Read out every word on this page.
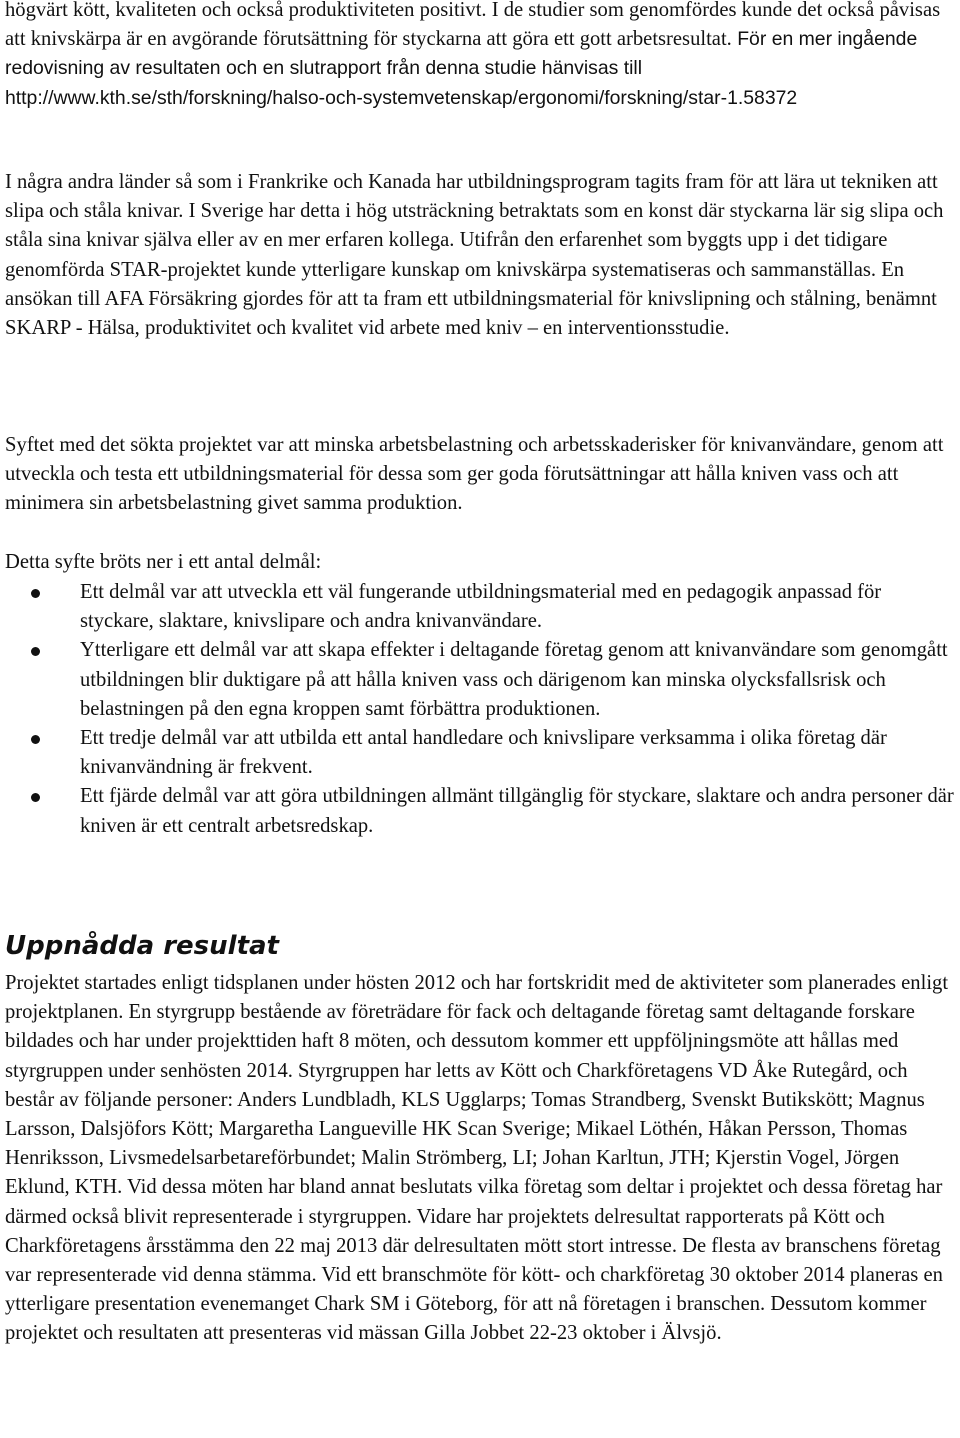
högvärt kött, kvaliteten och också produktiviteten positivt. I de studier som genomfördes kunde det också påvisas att knivskärpa är en avgörande förutsättning för styckarna att göra ett gott arbetsresultat. För en mer ingående redovisning av resultaten och en slutrapport från denna studie hänvisas till http://www.kth.se/sth/forskning/halso-och-systemvetenskap/ergonomi/forskning/star-1.58372

I några andra länder så som i Frankrike och Kanada har utbildningsprogram tagits fram för att lära ut tekniken att slipa och ståla knivar. I Sverige har detta i hög utsträckning betraktats som en konst där styckarna lär sig slipa och ståla sina knivar själva eller av en mer erfaren kollega. Utifrån den erfarenhet som byggts upp i det tidigare genomförda STAR-projektet kunde ytterligare kunskap om knivskärpa systematiseras och sammanställas. En ansökan till AFA Försäkring gjordes för att ta fram ett utbildningsmaterial för knivslipning och stålning, benämnt SKARP - Hälsa, produktivitet och kvalitet vid arbete med kniv – en interventionsstudie.

Syftet med det sökta projektet var att minska arbetsbelastning och arbetsskaderisker för knivanvändare, genom att utveckla och testa ett utbildningsmaterial för dessa som ger goda förutsättningar att hålla kniven vass och att minimera sin arbetsbelastning givet samma produktion.

Detta syfte bröts ner i ett antal delmål:

Ett delmål var att utveckla ett väl fungerande utbildningsmaterial med en pedagogik anpassad för styckare, slaktare, knivslipare och andra knivanvändare.
Ytterligare ett delmål var att skapa effekter i deltagande företag genom att knivanvändare som genomgått utbildningen blir duktigare på att hålla kniven vass och därigenom kan minska olycksfallsrisk och belastningen på den egna kroppen samt förbättra produktionen.
Ett tredje delmål var att utbilda ett antal handledare och knivslipare verksamma i olika företag där knivanvändning är frekvent.
Ett fjärde delmål var att göra utbildningen allmänt tillgänglig för styckare, slaktare och andra personer där kniven är ett centralt arbetsredskap.
Uppnådda resultat

Projektet startades enligt tidsplanen under hösten 2012 och har fortskridit med de aktiviteter som planerades enligt projektplanen. En styrgrupp bestående av företrädare för fack och deltagande företag samt deltagande forskare bildades och har under projekttiden haft 8 möten, och dessutom kommer ett uppföljningsmöte att hållas med styrgruppen under senhösten 2014. Styrgruppen har letts av Kött och Charkföretagens VD Åke Rutegård, och består av följande personer: Anders Lundbladh, KLS Ugglarps; Tomas Strandberg, Svenskt Butikskött; Magnus Larsson, Dalsjöfors Kött; Margaretha Langueville HK Scan Sverige; Mikael Löthén, Håkan Persson, Thomas Henriksson, Livsmedelsarbetareförbundet; Malin Strömberg, LI; Johan Karltun, JTH; Kjerstin Vogel, Jörgen Eklund, KTH. Vid dessa möten har bland annat beslutats vilka företag som deltar i projektet och dessa företag har därmed också blivit representerade i styrgruppen. Vidare har projektets delresultat rapporterats på Kött och Charkföretagens årsstämma den 22 maj 2013 där delresultaten mött stort intresse. De flesta av branschens företag var representerade vid denna stämma. Vid ett branschmöte för kött- och charkföretag 30 oktober 2014 planeras en ytterligare presentation evenemanget Chark SM i Göteborg, för att nå företagen i branschen. Dessutom kommer projektet och resultaten att presenteras vid mässan Gilla Jobbet 22-23 oktober i Älvsjö.
